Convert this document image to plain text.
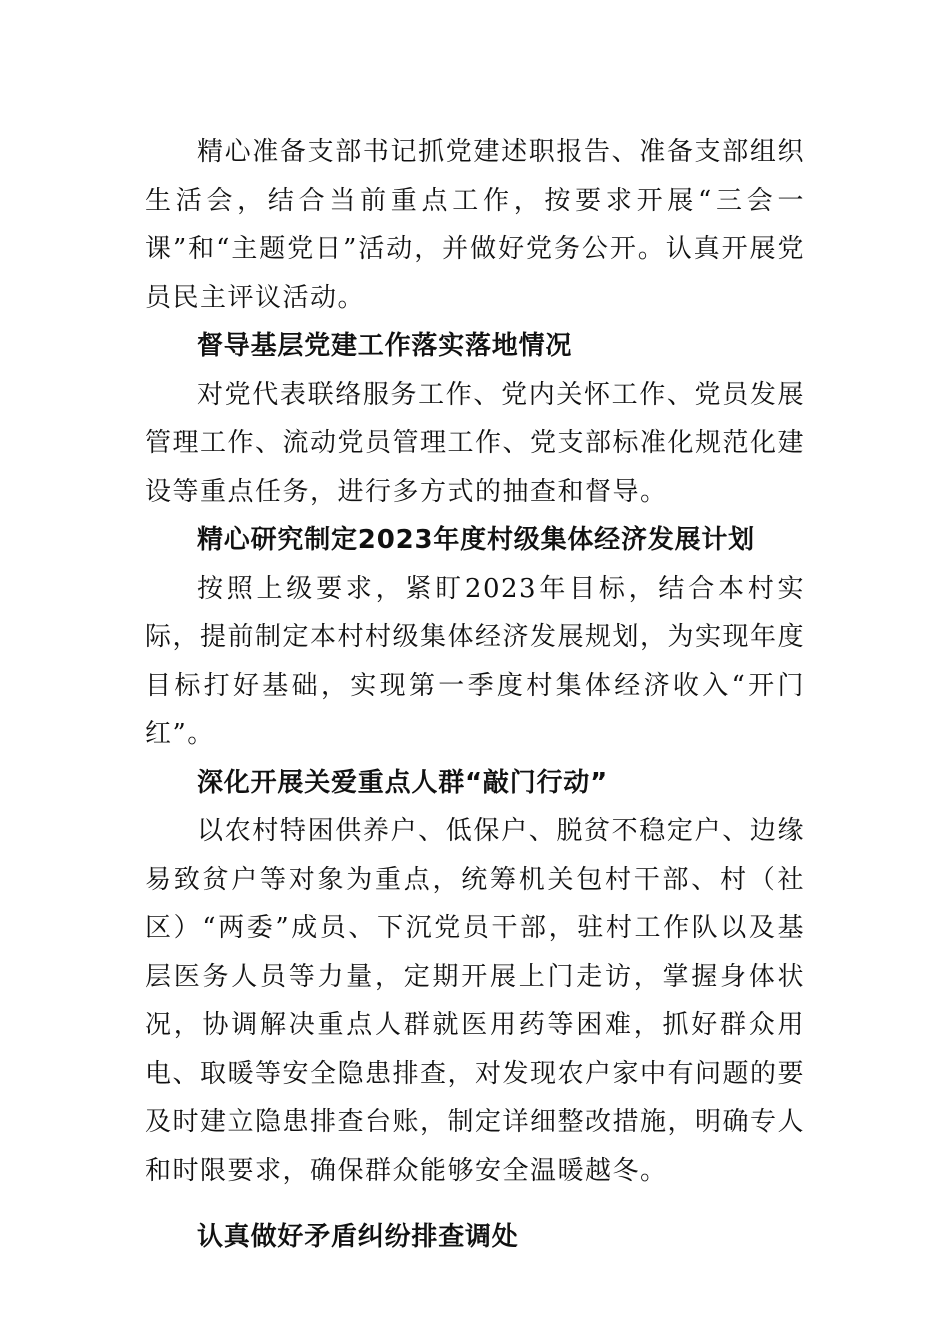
精心准备支部书记抓党建述职报告、准备支部组织生活会，结合当前重点工作，按要求开展“三会一课”和“主题党日”活动，并做好党务公开。认真开展党员民主评议活动。

督导基层党建工作落实落地情况

对党代表联络服务工作、党内关怀工作、党员发展管理工作、流动党员管理工作、党支部标准化规范化建设等重点任务，进行多方式的抽查和督导。

精心研究制定2023年度村级集体经济发展计划

按照上级要求，紧盯2023年目标，结合本村实际，提前制定本村村级集体经济发展规划，为实现年度目标打好基础，实现第一季度村集体经济收入“开门红”。

深化开展关爱重点人群“敲门行动”

以农村特困供养户、低保户、脱贫不稳定户、边缘易致贫户等对象为重点，统筹机关包村干部、村（社区）“两委”成员、下沉党员干部，驻村工作队以及基层医务人员等力量，定期开展上门走访，掌握身体状况，协调解决重点人群就医用药等困难，抓好群众用电、取暖等安全隐患排查，对发现农户家中有问题的要及时建立隐患排查台账，制定详细整改措施，明确专人和时限要求，确保群众能够安全温暖越冬。

认真做好矛盾纠纷排查调处
